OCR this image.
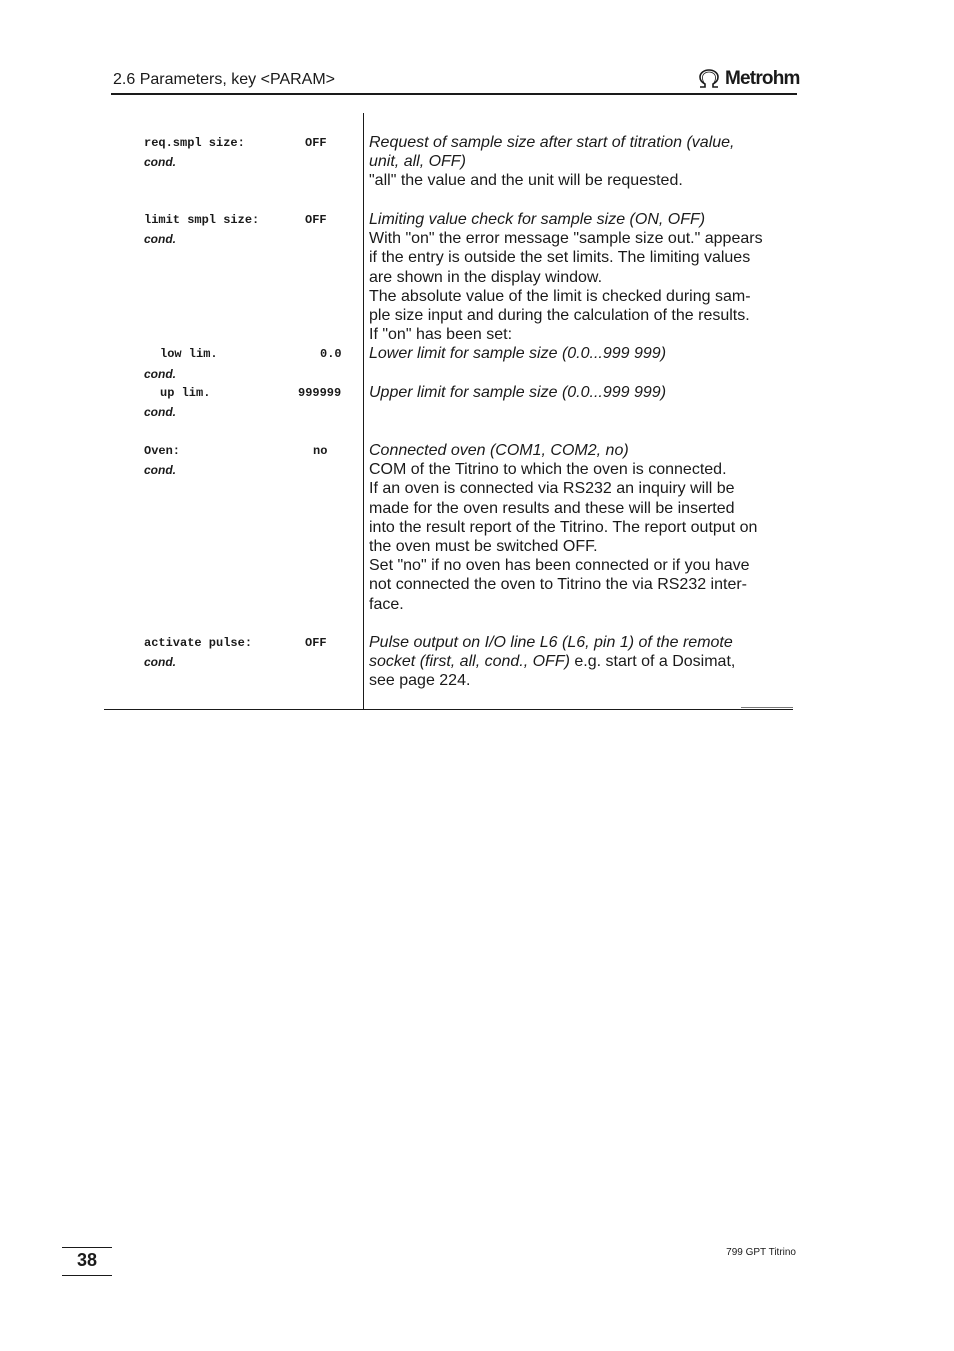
2.6 Parameters, key <PARAM>	Metrohm
req.smpl size:	OFF
cond.
Request of sample size after start of titration (value,
unit, all, OFF)
"all" the value and the unit will be requested.
limit smpl size:	OFF
cond.
Limiting value check for sample size (ON, OFF)
With "on" the error message "sample size out." appears
if the entry is outside the set limits. The limiting values
are shown in the display window.
The absolute value of the limit is checked during sam-
ple size input and during the calculation of the results.
If "on" has been set:
low lim.	0.0
cond.
Lower limit for sample size (0.0...999 999)
up lim.	999999
cond.
Upper limit for sample size (0.0...999 999)
Oven:	no
cond.
Connected oven (COM1, COM2, no)
COM of the Titrino to which the oven is connected.
If an oven is connected via RS232 an inquiry will be
made for the oven results and these will be inserted
into the result report of the Titrino. The report output on
the oven must be switched OFF.
Set "no" if no oven has been connected or if you have
not connected the oven to Titrino the via RS232 inter-
face.
activate pulse:	OFF
cond.
Pulse output on I/O line L6 (L6, pin 1) of the remote
socket (first, all, cond., OFF) e.g. start of a Dosimat,
see page 224.
38	799 GPT Titrino
